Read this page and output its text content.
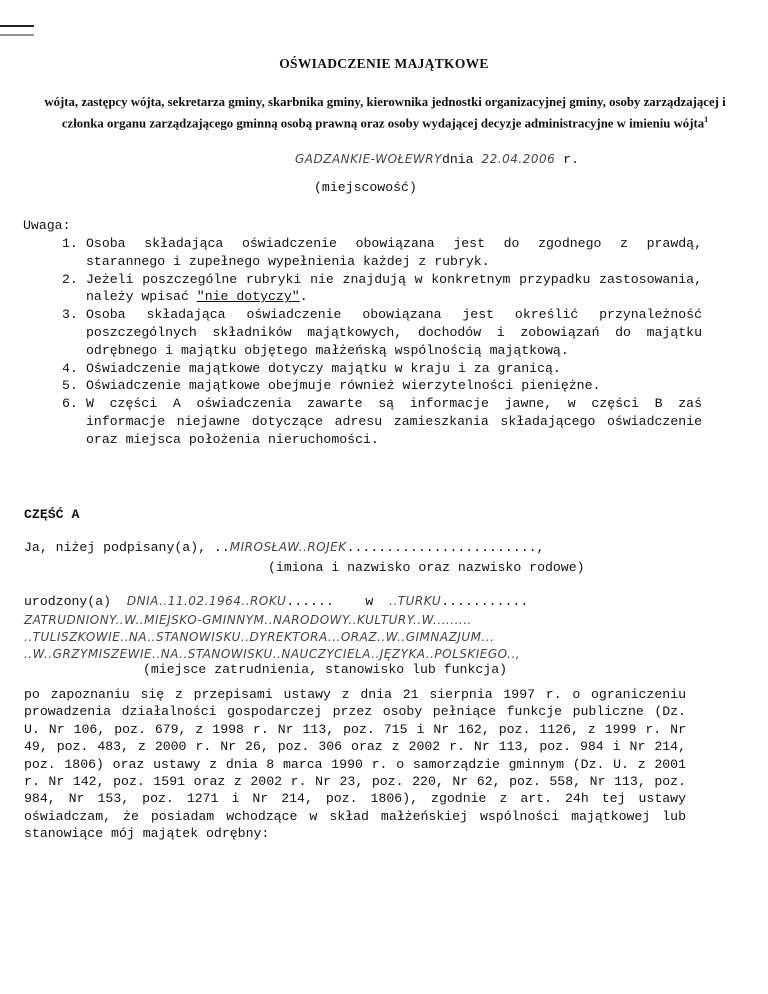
OŚWIADCZENIE MAJĄTKOWE
wójta, zastępcy wójta, sekretarza gminy, skarbnika gminy, kierownika jednostki organizacyjnej gminy, osoby zarządzającej i członka organu zarządzającego gminną osobą prawną oraz osoby wydającej decyzje administracyjne w imieniu wójta$^1$
GADZANKIE-WOŁEWRYdnia 22.04.2006 r.
(miejscowość)
Uwaga:
1. Osoba składająca oświadczenie obowiązana jest do zgodnego z prawdą, starannego i zupełnego wypełnienia każdej z rubryk.
2. Jeżeli poszczególne rubryki nie znajdują w konkretnym przypadku zastosowania, należy wpisać "nie dotyczy".
3. Osoba składająca oświadczenie obowiązana jest określić przynależność poszczególnych składników majątkowych, dochodów i zobowiązań do majątku odrębnego i majątku objętego małżeńską wspólnością majątkową.
4. Oświadczenie majątkowe dotyczy majątku w kraju i za granicą.
5. Oświadczenie majątkowe obejmuje również wierzytelności pieniężne.
6. W części A oświadczenia zawarte są informacje jawne, w części B zaś informacje niejawne dotyczące adresu zamieszkania składającego oświadczenie oraz miejsca położenia nieruchomości.
CZĘŚĆ A
Ja, niżej podpisany(a), ..MIROSŁAW..ROJEK........................,
(imiona i nazwisko oraz nazwisko rodowe)
urodzony(a) DNIA..11.02.1964..ROKU...... w ..TURKU...........
ZATRUDNIONY..W..MIEJSKO-GMINNYM..NARODOWY..KULTURY..W.........
..TULISZKOWIE..NA..STANOWISKU..DYREKTORA...ORAZ..W..GIMNAZJUM...
..W..GRZYMISZEWIE..NA..STANOWISKU..NAUCZYCIELA..JĘZYKA..POLSKIEGO..,
(miejsce zatrudnienia, stanowisko lub funkcja)
po zapoznaniu się z przepisami ustawy z dnia 21 sierpnia 1997 r. o ograniczeniu prowadzenia działalności gospodarczej przez osoby pełniące funkcje publiczne (Dz. U. Nr 106, poz. 679, z 1998 r. Nr 113, poz. 715 i Nr 162, poz. 1126, z 1999 r. Nr 49, poz. 483, z 2000 r. Nr 26, poz. 306 oraz z 2002 r. Nr 113, poz. 984 i Nr 214, poz. 1806) oraz ustawy z dnia 8 marca 1990 r. o samorządzie gminnym (Dz. U. z 2001 r. Nr 142, poz. 1591 oraz z 2002 r. Nr 23, poz. 220, Nr 62, poz. 558, Nr 113, poz. 984, Nr 153, poz. 1271 i Nr 214, poz. 1806), zgodnie z art. 24h tej ustawy oświadczam, że posiadam wchodzące w skład małżeńskiej wspólności majątkowej lub stanowiące mój majątek odrębny:
